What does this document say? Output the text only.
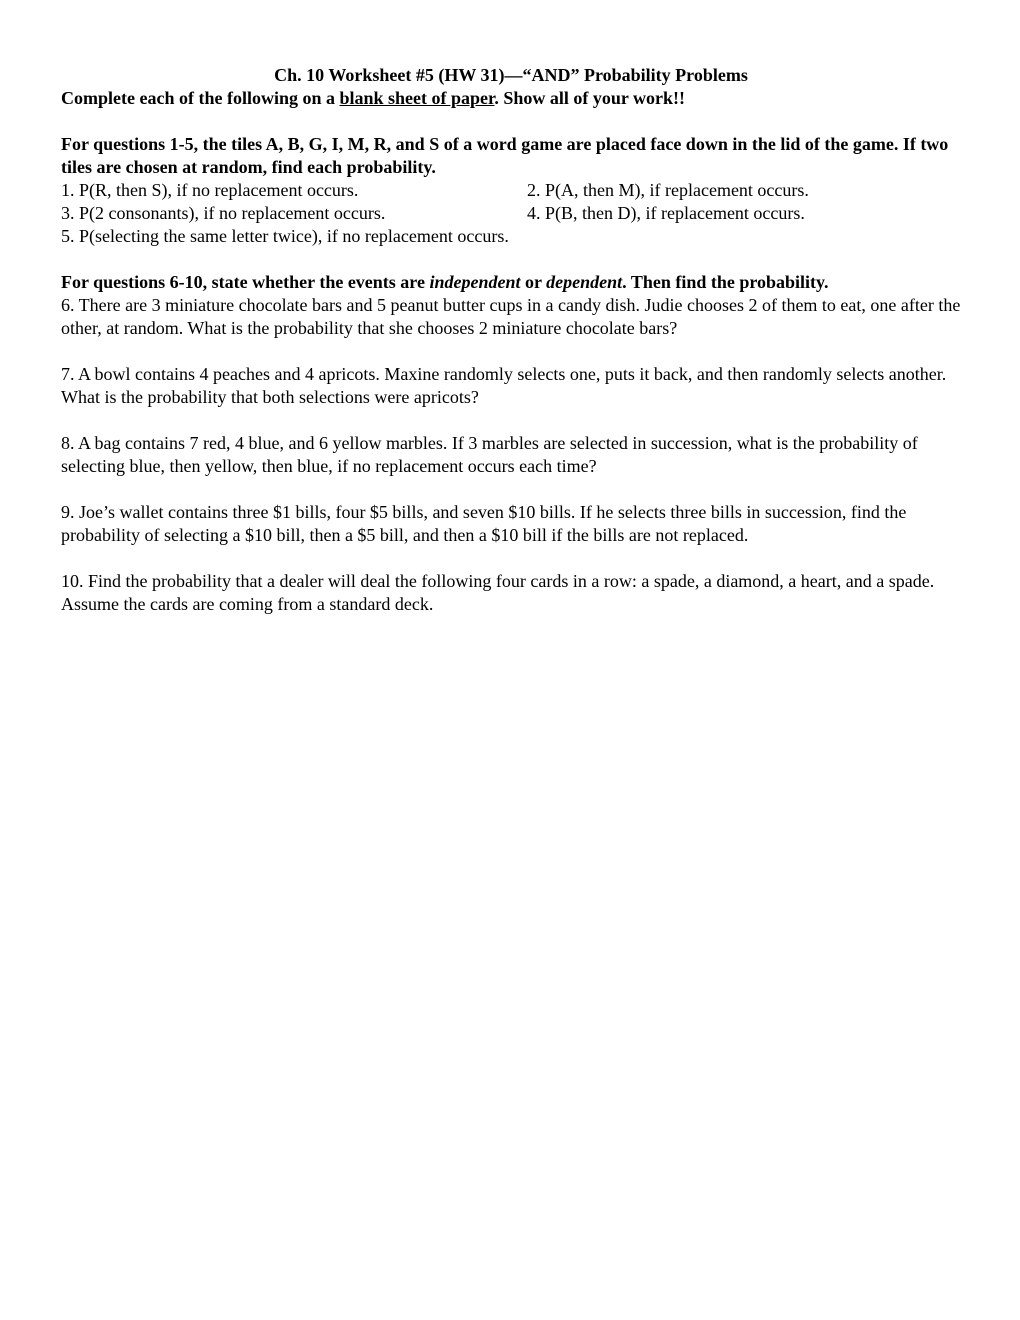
Ch. 10 Worksheet #5 (HW 31)—“AND” Probability Problems

Complete each of the following on a blank sheet of paper. Show all of your work!!

For questions 1-5, the tiles A, B, G, I, M, R, and S of a word game are placed face down in the lid of the game. If two tiles are chosen at random, find each probability.

1. P(R, then S), if no replacement occurs.	2. P(A, then M), if replacement occurs.
3. P(2 consonants), if no replacement occurs.	4. P(B, then D), if replacement occurs.

5. P(selecting the same letter twice), if no replacement occurs.

For questions 6-10, state whether the events are independent or dependent. Then find the probability.

6. There are 3 miniature chocolate bars and 5 peanut butter cups in a candy dish. Judie chooses 2 of them to eat, one after the other, at random. What is the probability that she chooses 2 miniature chocolate bars?

7. A bowl contains 4 peaches and 4 apricots. Maxine randomly selects one, puts it back, and then randomly selects another. What is the probability that both selections were apricots?

8. A bag contains 7 red, 4 blue, and 6 yellow marbles. If 3 marbles are selected in succession, what is the probability of selecting blue, then yellow, then blue, if no replacement occurs each time?

9. Joe’s wallet contains three $1 bills, four $5 bills, and seven $10 bills. If he selects three bills in succession, find the probability of selecting a $10 bill, then a $5 bill, and then a $10 bill if the bills are not replaced.

10. Find the probability that a dealer will deal the following four cards in a row: a spade, a diamond, a heart, and a spade. Assume the cards are coming from a standard deck.
